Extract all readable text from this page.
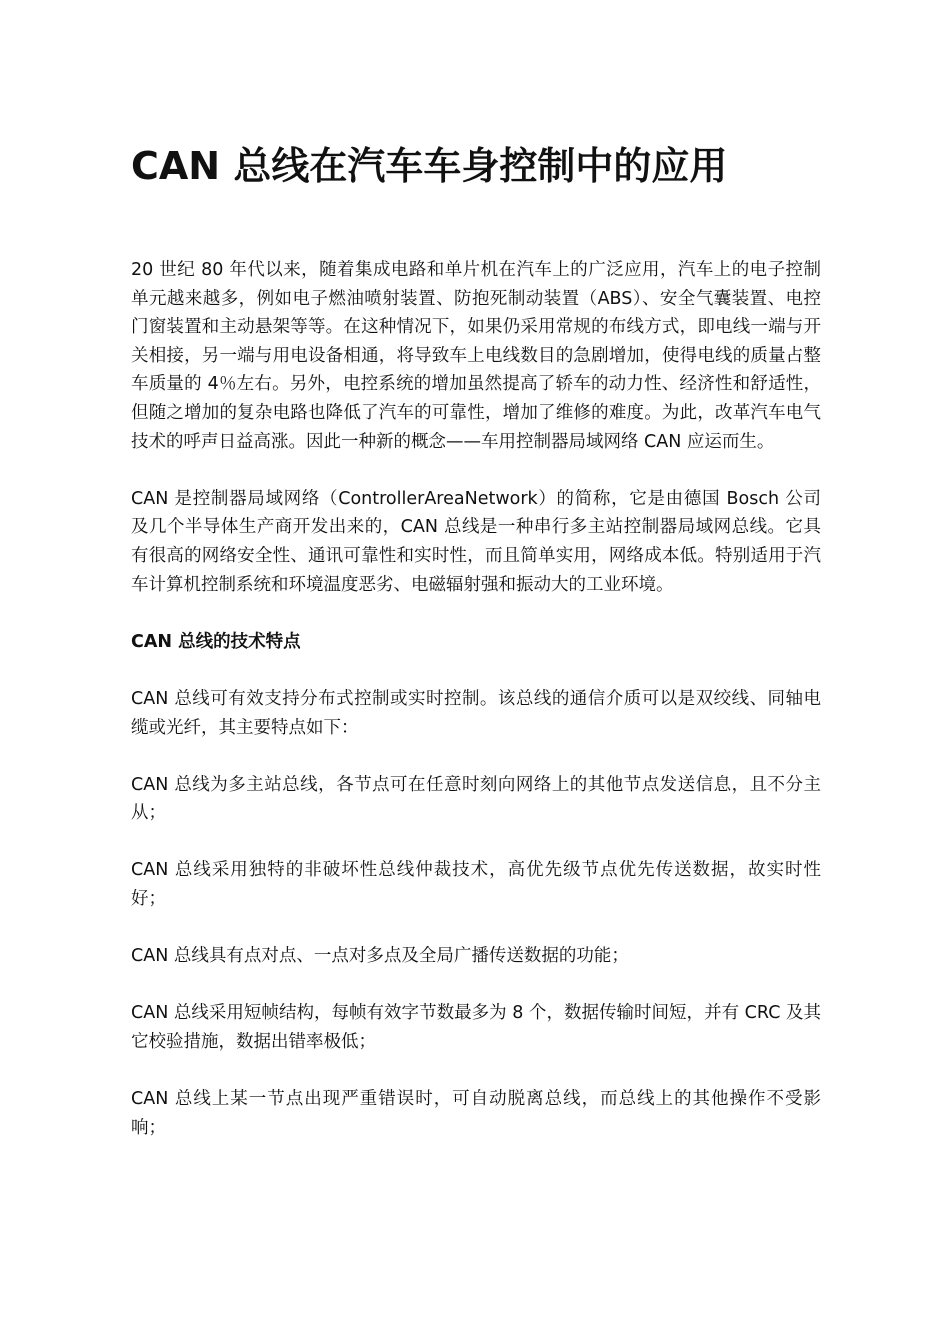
CAN 总线在汽车车身控制中的应用

20 世纪 80 年代以来，随着集成电路和单片机在汽车上的广泛应用，汽车上的电子控制单元越来越多，例如电子燃油喷射装置、防抱死制动装置（ABS）、安全气囊装置、电控门窗装置和主动悬架等等。在这种情况下，如果仍采用常规的布线方式，即电线一端与开关相接，另一端与用电设备相通，将导致车上电线数目的急剧增加，使得电线的质量占整车质量的 4％左右。另外，电控系统的增加虽然提高了轿车的动力性、经济性和舒适性，但随之增加的复杂电路也降低了汽车的可靠性，增加了维修的难度。为此，改革汽车电气技术的呼声日益高涨。因此一种新的概念——车用控制器局域网络 CAN 应运而生。

CAN 是控制器局域网络（ControllerAreaNetwork）的简称，它是由德国 Bosch 公司及几个半导体生产商开发出来的，CAN 总线是一种串行多主站控制器局域网总线。它具有很高的网络安全性、通讯可靠性和实时性，而且简单实用，网络成本低。特别适用于汽车计算机控制系统和环境温度恶劣、电磁辐射强和振动大的工业环境。

CAN 总线的技术特点

CAN 总线可有效支持分布式控制或实时控制。该总线的通信介质可以是双绞线、同轴电缆或光纤，其主要特点如下：

CAN 总线为多主站总线，各节点可在任意时刻向网络上的其他节点发送信息，且不分主从；

CAN 总线采用独特的非破坏性总线仲裁技术，高优先级节点优先传送数据，故实时性好；

CAN 总线具有点对点、一点对多点及全局广播传送数据的功能；

CAN 总线采用短帧结构，每帧有效字节数最多为 8 个，数据传输时间短，并有 CRC 及其它校验措施，数据出错率极低；

CAN 总线上某一节点出现严重错误时，可自动脱离总线，而总线上的其他操作不受影响；
